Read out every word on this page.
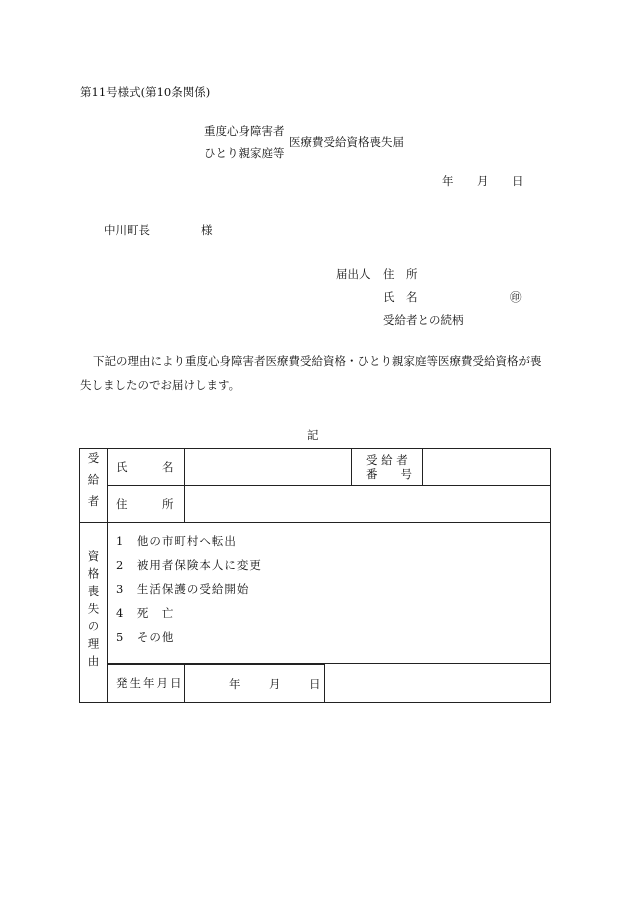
第11号様式(第10条関係)
重度心身障害者
ひとり親家庭等
医療費受給資格喪失届
年 月 日
中川町長	様
届出人 住　所
氏　名	㊞
受給者との続柄
下記の理由により重度心身障害者医療費受給資格・ひとり親家庭等医療費受給資格が喪
失しましたのでお届けします。
記
受給者	氏　　　名		受 給 者
番　　号

住　　　所	
資格喪失の理由	
1　他の市町村へ転出
2　被用者保険本人に変更
3　生活保護の受給開始
4　死　亡
5　その他

発生年月日	年 月 日
